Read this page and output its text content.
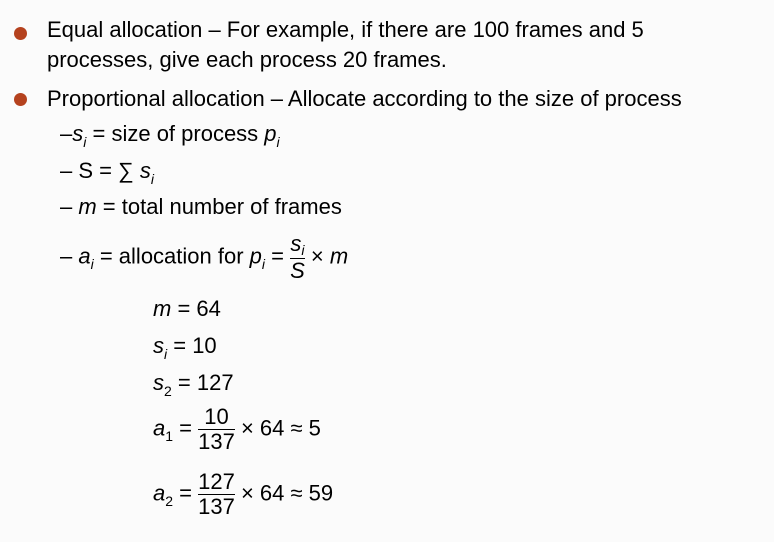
Equal allocation – For example, if there are 100 frames and 5
processes, give each process 20 frames.
Proportional allocation – Allocate according to the size of process
$-s_i$ = size of process $p_i$
– S = ∑ $s_i$
– m = total number of frames
– $a_i$ = allocation for $p_i = \frac{si}{S} \times m$
m = 64
$s_i = 10$
$s_2 = 127$
$a_1 = \frac{10}{137} \times 64 \approx 5$
$a_2 = \frac{127}{137} \times 64 \approx 59$
